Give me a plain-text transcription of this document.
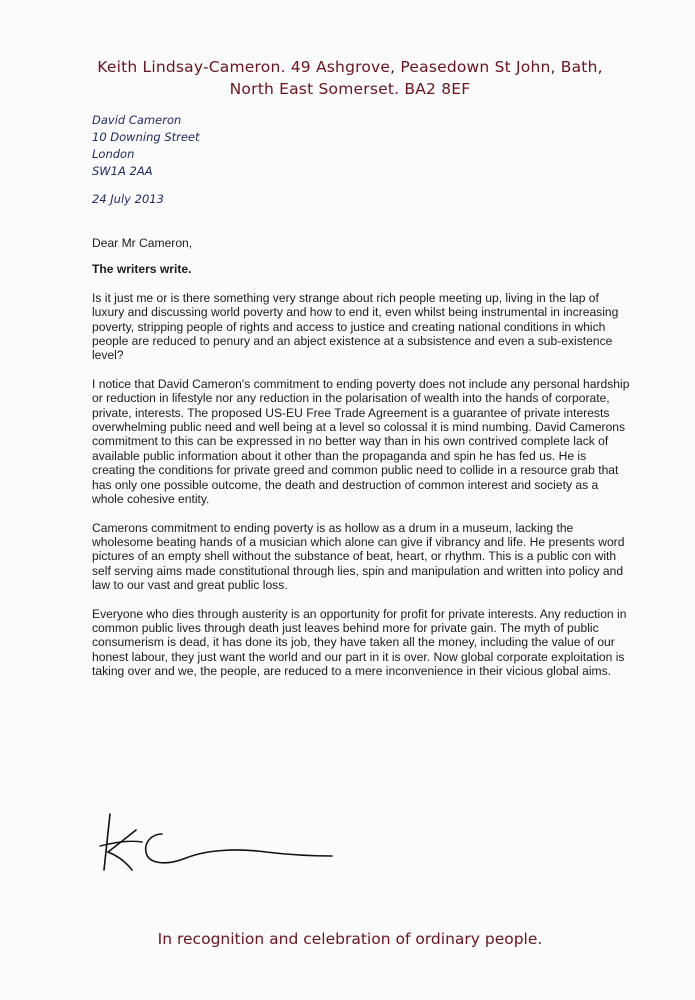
Keith Lindsay-Cameron. 49 Ashgrove, Peasedown St John, Bath,
North East Somerset. BA2 8EF
David Cameron
10 Downing Street
London
SW1A 2AA
24 July 2013
Dear Mr Cameron,
The writers write.
Is it just me or is there something very strange about rich people meeting up, living in the lap of luxury and discussing world poverty and how to end it, even whilst being instrumental in increasing poverty, stripping people of rights and access to justice and creating national conditions in which people are reduced to penury and an abject existence at a subsistence and even a sub-existence level?
I notice that David Cameron's commitment to ending poverty does not include any personal hardship or reduction in lifestyle nor any reduction in the polarisation of wealth into the hands of corporate, private, interests. The proposed US-EU Free Trade Agreement is a guarantee of private interests overwhelming public need and well being at a level so colossal it is mind numbing. David Camerons commitment to this can be expressed in no better way than in his own contrived complete lack of available public information about it other than the propaganda and spin he has fed us. He is creating the conditions for private greed and common public need to collide in a resource grab that has only one possible outcome, the death and destruction of common interest and society as a whole cohesive entity.
Camerons commitment to ending poverty is as hollow as a drum in a museum, lacking the wholesome beating hands of a musician which alone can give if vibrancy and life. He presents word pictures of an empty shell without the substance of beat, heart, or rhythm. This is a public con with self serving aims made constitutional through lies, spin and manipulation and written into policy and law to our vast and great public loss.
Everyone who dies through austerity is an opportunity for profit for private interests. Any reduction in common public lives through death just leaves behind more for private gain. The myth of public consumerism is dead, it has done its job, they have taken all the money, including the value of our honest labour, they just want the world and our part in it is over. Now global corporate exploitation is taking over and we, the people, are reduced to a mere inconvenience in their vicious global aims.
In recognition and celebration of ordinary people.
